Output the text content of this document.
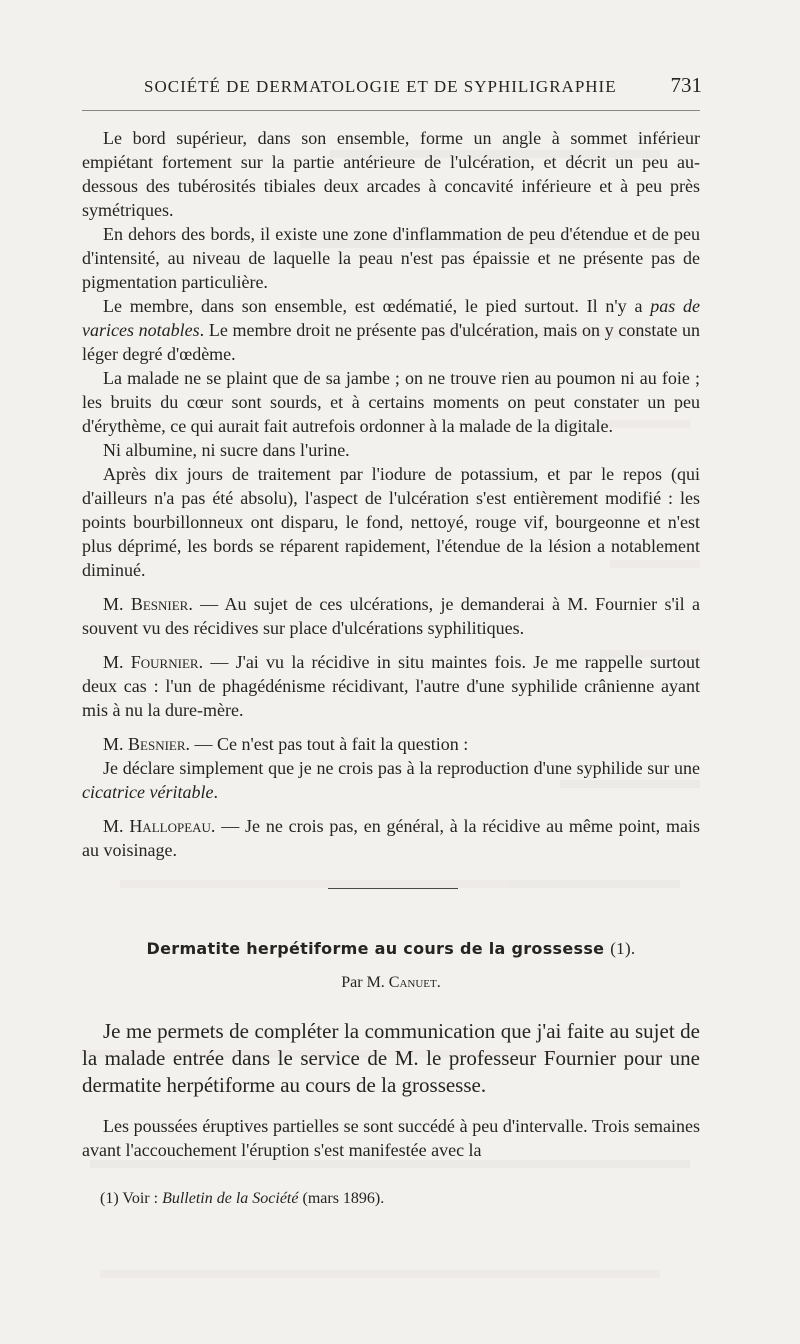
SOCIÉTÉ DE DERMATOLOGIE ET DE SYPHILIGRAPHIE	731

Le bord supérieur, dans son ensemble, forme un angle à sommet inférieur empiétant fortement sur la partie antérieure de l'ulcération, et décrit un peu au-dessous des tubérosités tibiales deux arcades à concavité inférieure et à peu près symétriques.

En dehors des bords, il existe une zone d'inflammation de peu d'étendue et de peu d'intensité, au niveau de laquelle la peau n'est pas épaissie et ne présente pas de pigmentation particulière.

Le membre, dans son ensemble, est œdématié, le pied surtout. Il n'y a pas de varices notables. Le membre droit ne présente pas d'ulcération, mais on y constate un léger degré d'œdème.

La malade ne se plaint que de sa jambe ; on ne trouve rien au poumon ni au foie ; les bruits du cœur sont sourds, et à certains moments on peut constater un peu d'érythème, ce qui aurait fait autrefois ordonner à la malade de la digitale.

Ni albumine, ni sucre dans l'urine.

Après dix jours de traitement par l'iodure de potassium, et par le repos (qui d'ailleurs n'a pas été absolu), l'aspect de l'ulcération s'est entièrement modifié : les points bourbillonneux ont disparu, le fond, nettoyé, rouge vif, bourgeonne et n'est plus déprimé, les bords se réparent rapidement, l'étendue de la lésion a notablement diminué.

M. Besnier. — Au sujet de ces ulcérations, je demanderai à M. Fournier s'il a souvent vu des récidives sur place d'ulcérations syphilitiques.

M. Fournier. — J'ai vu la récidive in situ maintes fois. Je me rappelle surtout deux cas : l'un de phagédénisme récidivant, l'autre d'une syphilide crânienne ayant mis à nu la dure-mère.

M. Besnier. — Ce n'est pas tout à fait la question :

Je déclare simplement que je ne crois pas à la reproduction d'une syphilide sur une cicatrice véritable.

M. Hallopeau. — Je ne crois pas, en général, à la récidive au même point, mais au voisinage.

Dermatite herpétiforme au cours de la grossesse (1).
Par M. Canuet.

Je me permets de compléter la communication que j'ai faite au sujet de la malade entrée dans le service de M. le professeur Fournier pour une dermatite herpétiforme au cours de la grossesse.

Les poussées éruptives partielles se sont succédé à peu d'intervalle. Trois semaines avant l'accouchement l'éruption s'est manifestée avec la

(1) Voir : Bulletin de la Société (mars 1896).
